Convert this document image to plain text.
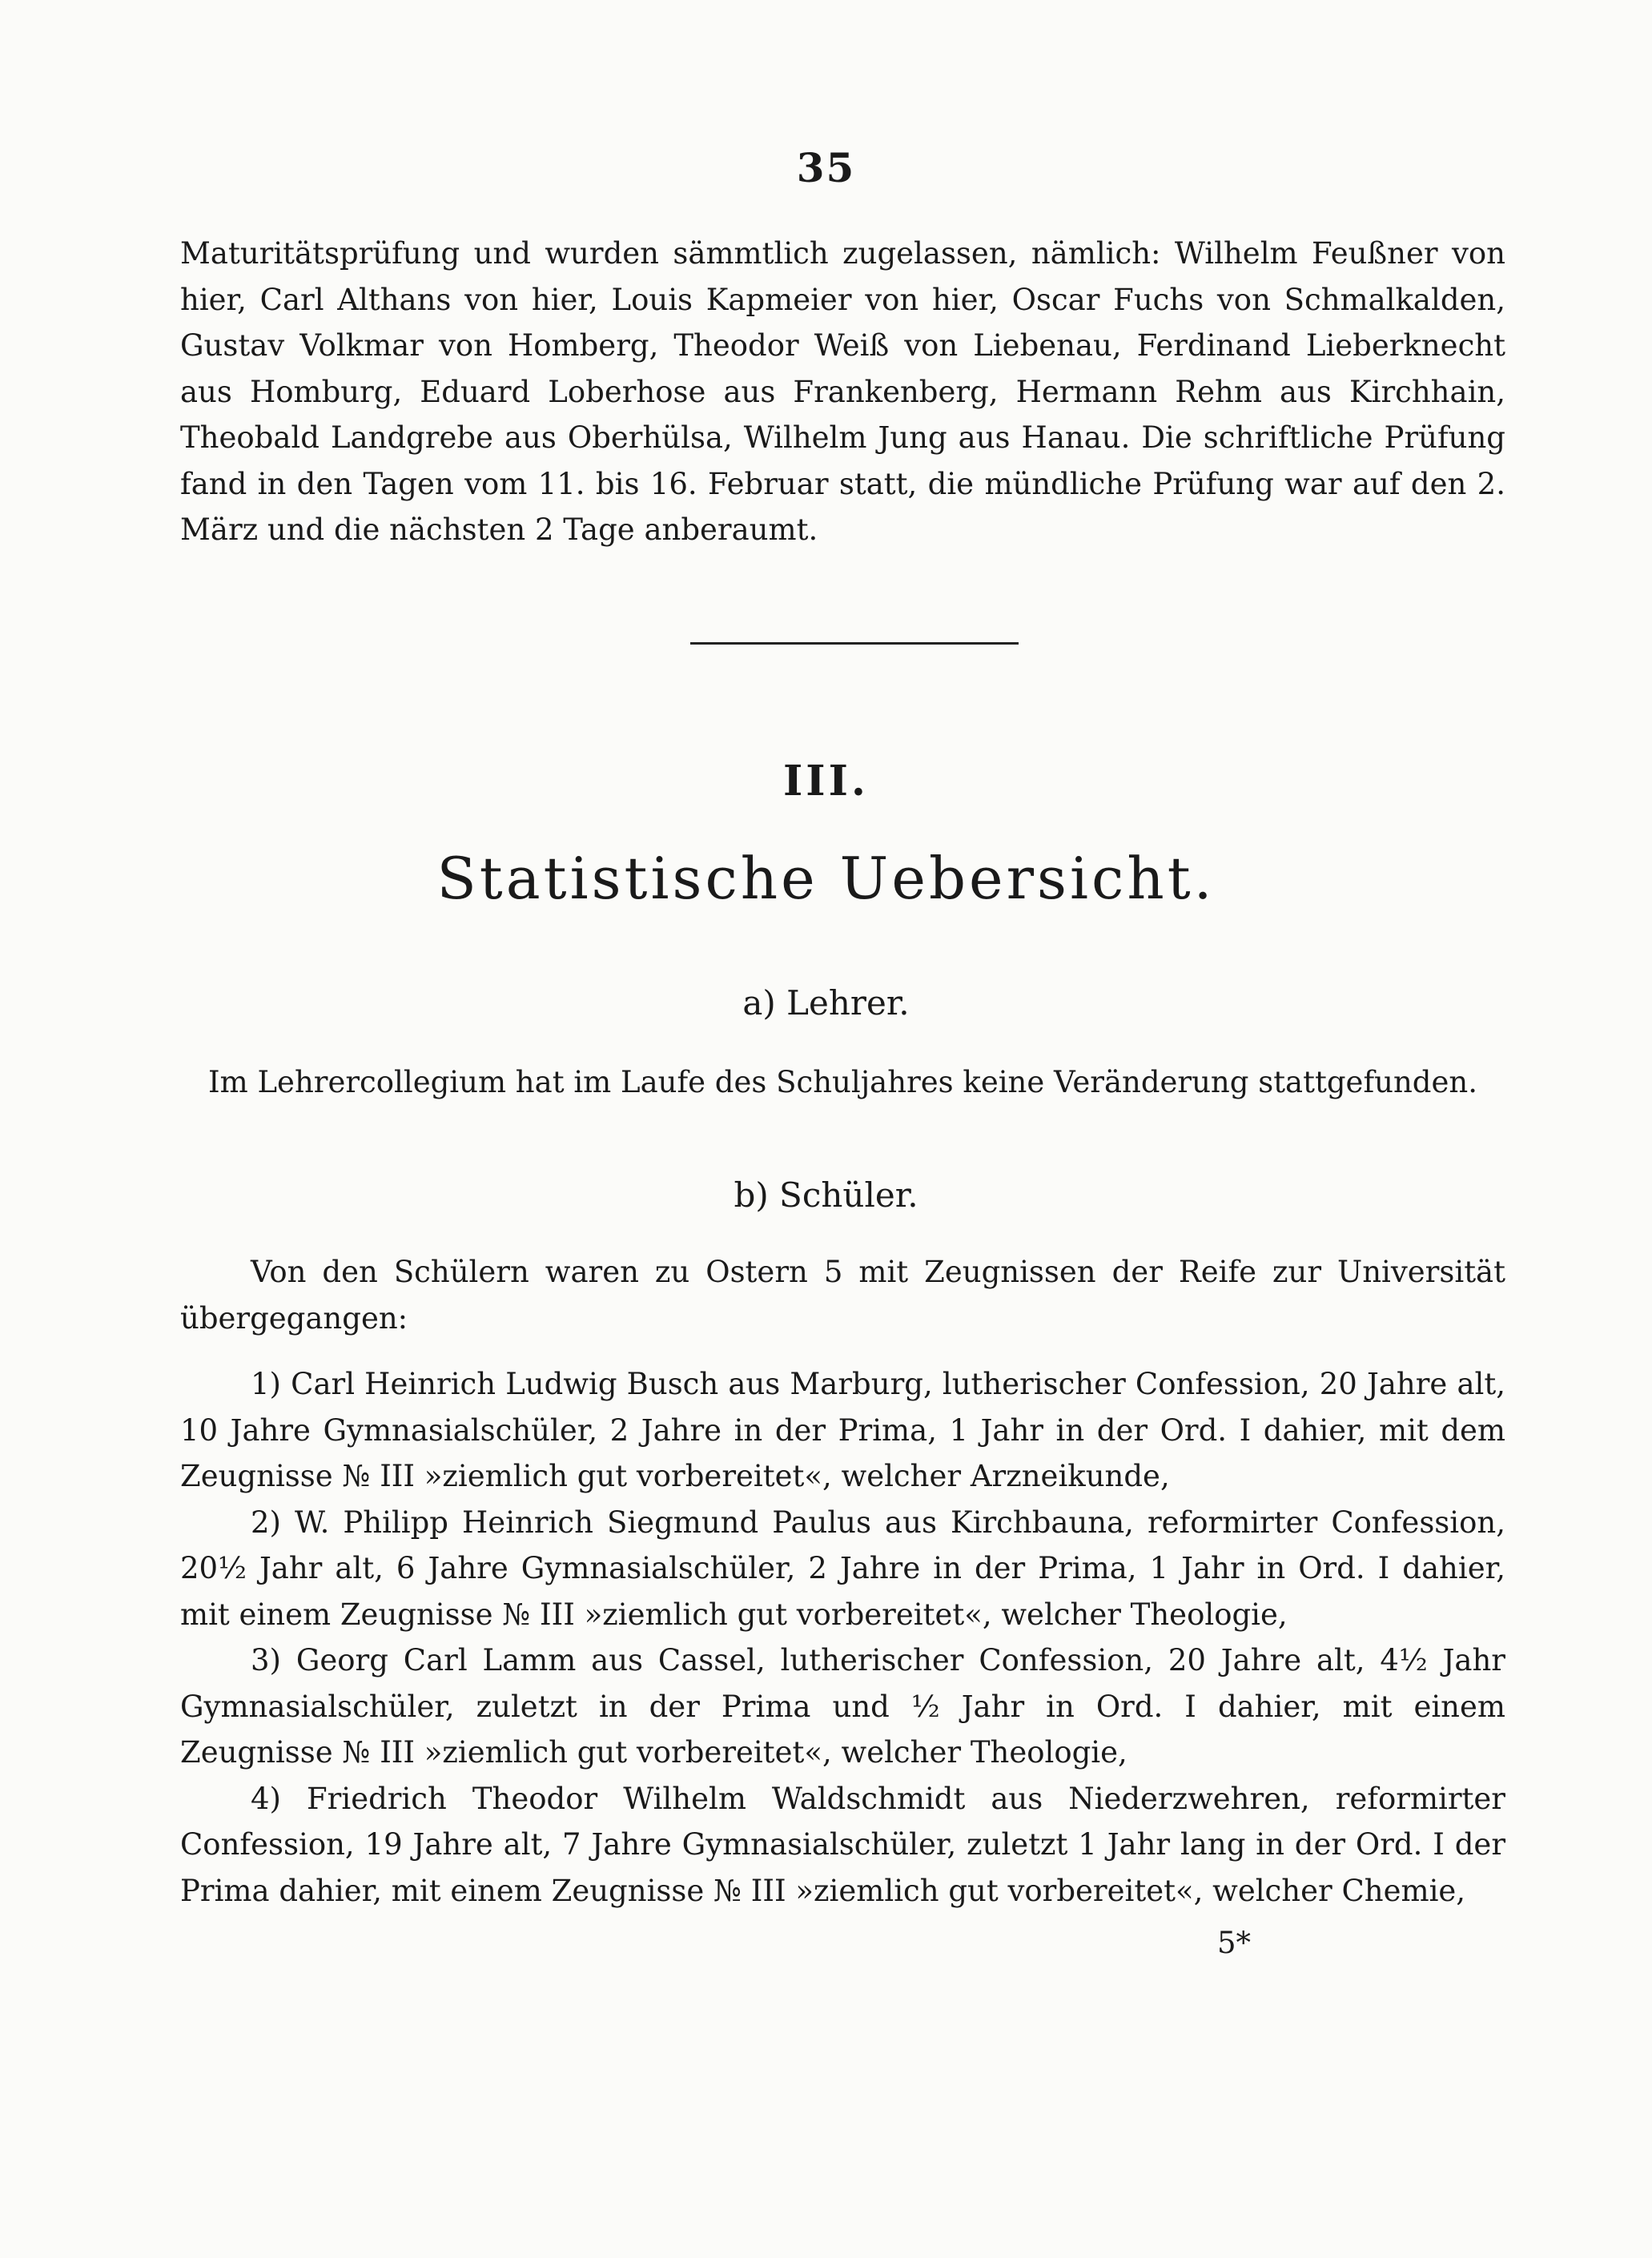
35
Maturitätsprüfung und wurden sämmtlich zugelassen, nämlich: Wilhelm Feußner von hier, Carl Althans von hier, Louis Kapmeier von hier, Oscar Fuchs von Schmalkalden, Gustav Volkmar von Homberg, Theodor Weiß von Liebenau, Ferdinand Lieberknecht aus Homburg, Eduard Loberhose aus Frankenberg, Hermann Rehm aus Kirchhain, Theobald Landgrebe aus Oberhülsa, Wilhelm Jung aus Hanau. Die schriftliche Prüfung fand in den Tagen vom 11. bis 16. Februar statt, die mündliche Prüfung war auf den 2. März und die nächsten 2 Tage anberaumt.
III.
Statistische Uebersicht.
a) Lehrer.
Im Lehrercollegium hat im Laufe des Schuljahres keine Veränderung stattgefunden.
b) Schüler.
Von den Schülern waren zu Ostern 5 mit Zeugnissen der Reife zur Universität übergegangen:

1) Carl Heinrich Ludwig Busch aus Marburg, lutherischer Confession, 20 Jahre alt, 10 Jahre Gymnasialschüler, 2 Jahre in der Prima, 1 Jahr in der Ord. I dahier, mit dem Zeugnisse № III »ziemlich gut vorbereitet«, welcher Arzneikunde,

2) W. Philipp Heinrich Siegmund Paulus aus Kirchbauna, reformirter Confession, 20½ Jahr alt, 6 Jahre Gymnasialschüler, 2 Jahre in der Prima, 1 Jahr in Ord. I dahier, mit einem Zeugnisse № III »ziemlich gut vorbereitet«, welcher Theologie,

3) Georg Carl Lamm aus Cassel, lutherischer Confession, 20 Jahre alt, 4½ Jahr Gymnasialschüler, zuletzt in der Prima und ½ Jahr in Ord. I dahier, mit einem Zeugnisse № III »ziemlich gut vorbereitet«, welcher Theologie,

4) Friedrich Theodor Wilhelm Waldschmidt aus Niederzwehren, reformirter Confession, 19 Jahre alt, 7 Jahre Gymnasialschüler, zuletzt 1 Jahr lang in der Ord. I der Prima dahier, mit einem Zeugnisse № III »ziemlich gut vorbereitet«, welcher Chemie,

5*
